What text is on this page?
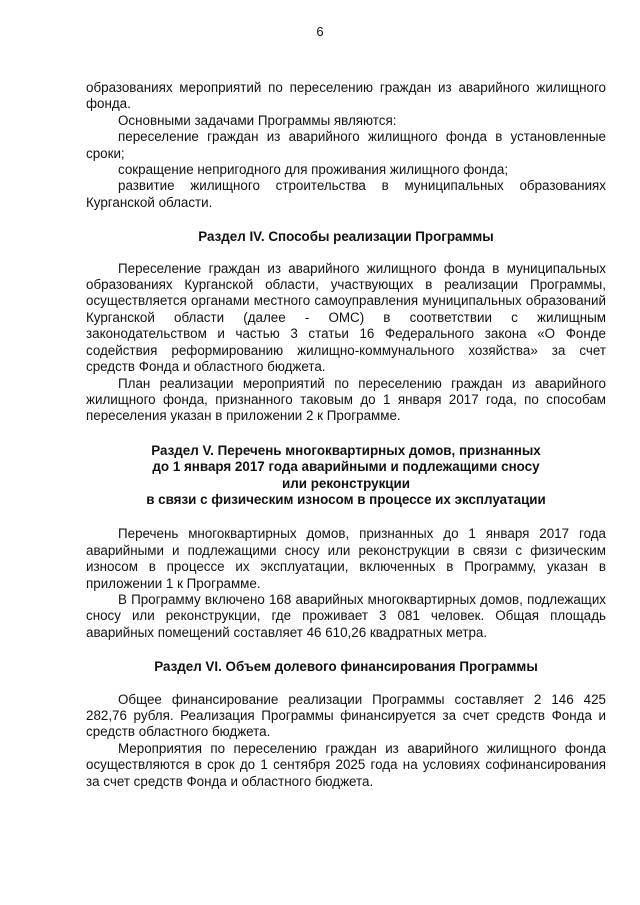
6

образованиях мероприятий по переселению граждан из аварийного жилищного фонда.

Основными задачами Программы являются:

переселение граждан из аварийного жилищного фонда в установленные сроки;

сокращение непригодного для проживания жилищного фонда;

развитие жилищного строительства в муниципальных образованиях Курганской области.

Раздел IV. Способы реализации Программы

Переселение граждан из аварийного жилищного фонда в муниципальных образованиях Курганской области, участвующих в реализации Программы, осуществляется органами местного самоуправления муниципальных образований Курганской области (далее - ОМС) в соответствии с жилищным законодательством и частью 3 статьи 16 Федерального закона «О Фонде содействия реформированию жилищно-коммунального хозяйства» за счет средств Фонда и областного бюджета.

План реализации мероприятий по переселению граждан из аварийного жилищного фонда, признанного таковым до 1 января 2017 года, по способам переселения указан в приложении 2 к Программе.

Раздел V. Перечень многоквартирных домов, признанных
до 1 января 2017 года аварийными и подлежащими сносу
или реконструкции
в связи с физическим износом в процессе их эксплуатации

Перечень многоквартирных домов, признанных до 1 января 2017 года аварийными и подлежащими сносу или реконструкции в связи с физическим износом в процессе их эксплуатации, включенных в Программу, указан в приложении 1 к Программе.

В Программу включено 168 аварийных многоквартирных домов, подлежащих сносу или реконструкции, где проживает 3 081 человек. Общая площадь аварийных помещений составляет 46 610,26 квадратных метра.

Раздел VI. Объем долевого финансирования Программы

Общее финансирование реализации Программы составляет 2 146 425 282,76 рубля. Реализация Программы финансируется за счет средств Фонда и средств областного бюджета.

Мероприятия по переселению граждан из аварийного жилищного фонда осуществляются в срок до 1 сентября 2025 года на условиях софинансирования за счет средств Фонда и областного бюджета.
